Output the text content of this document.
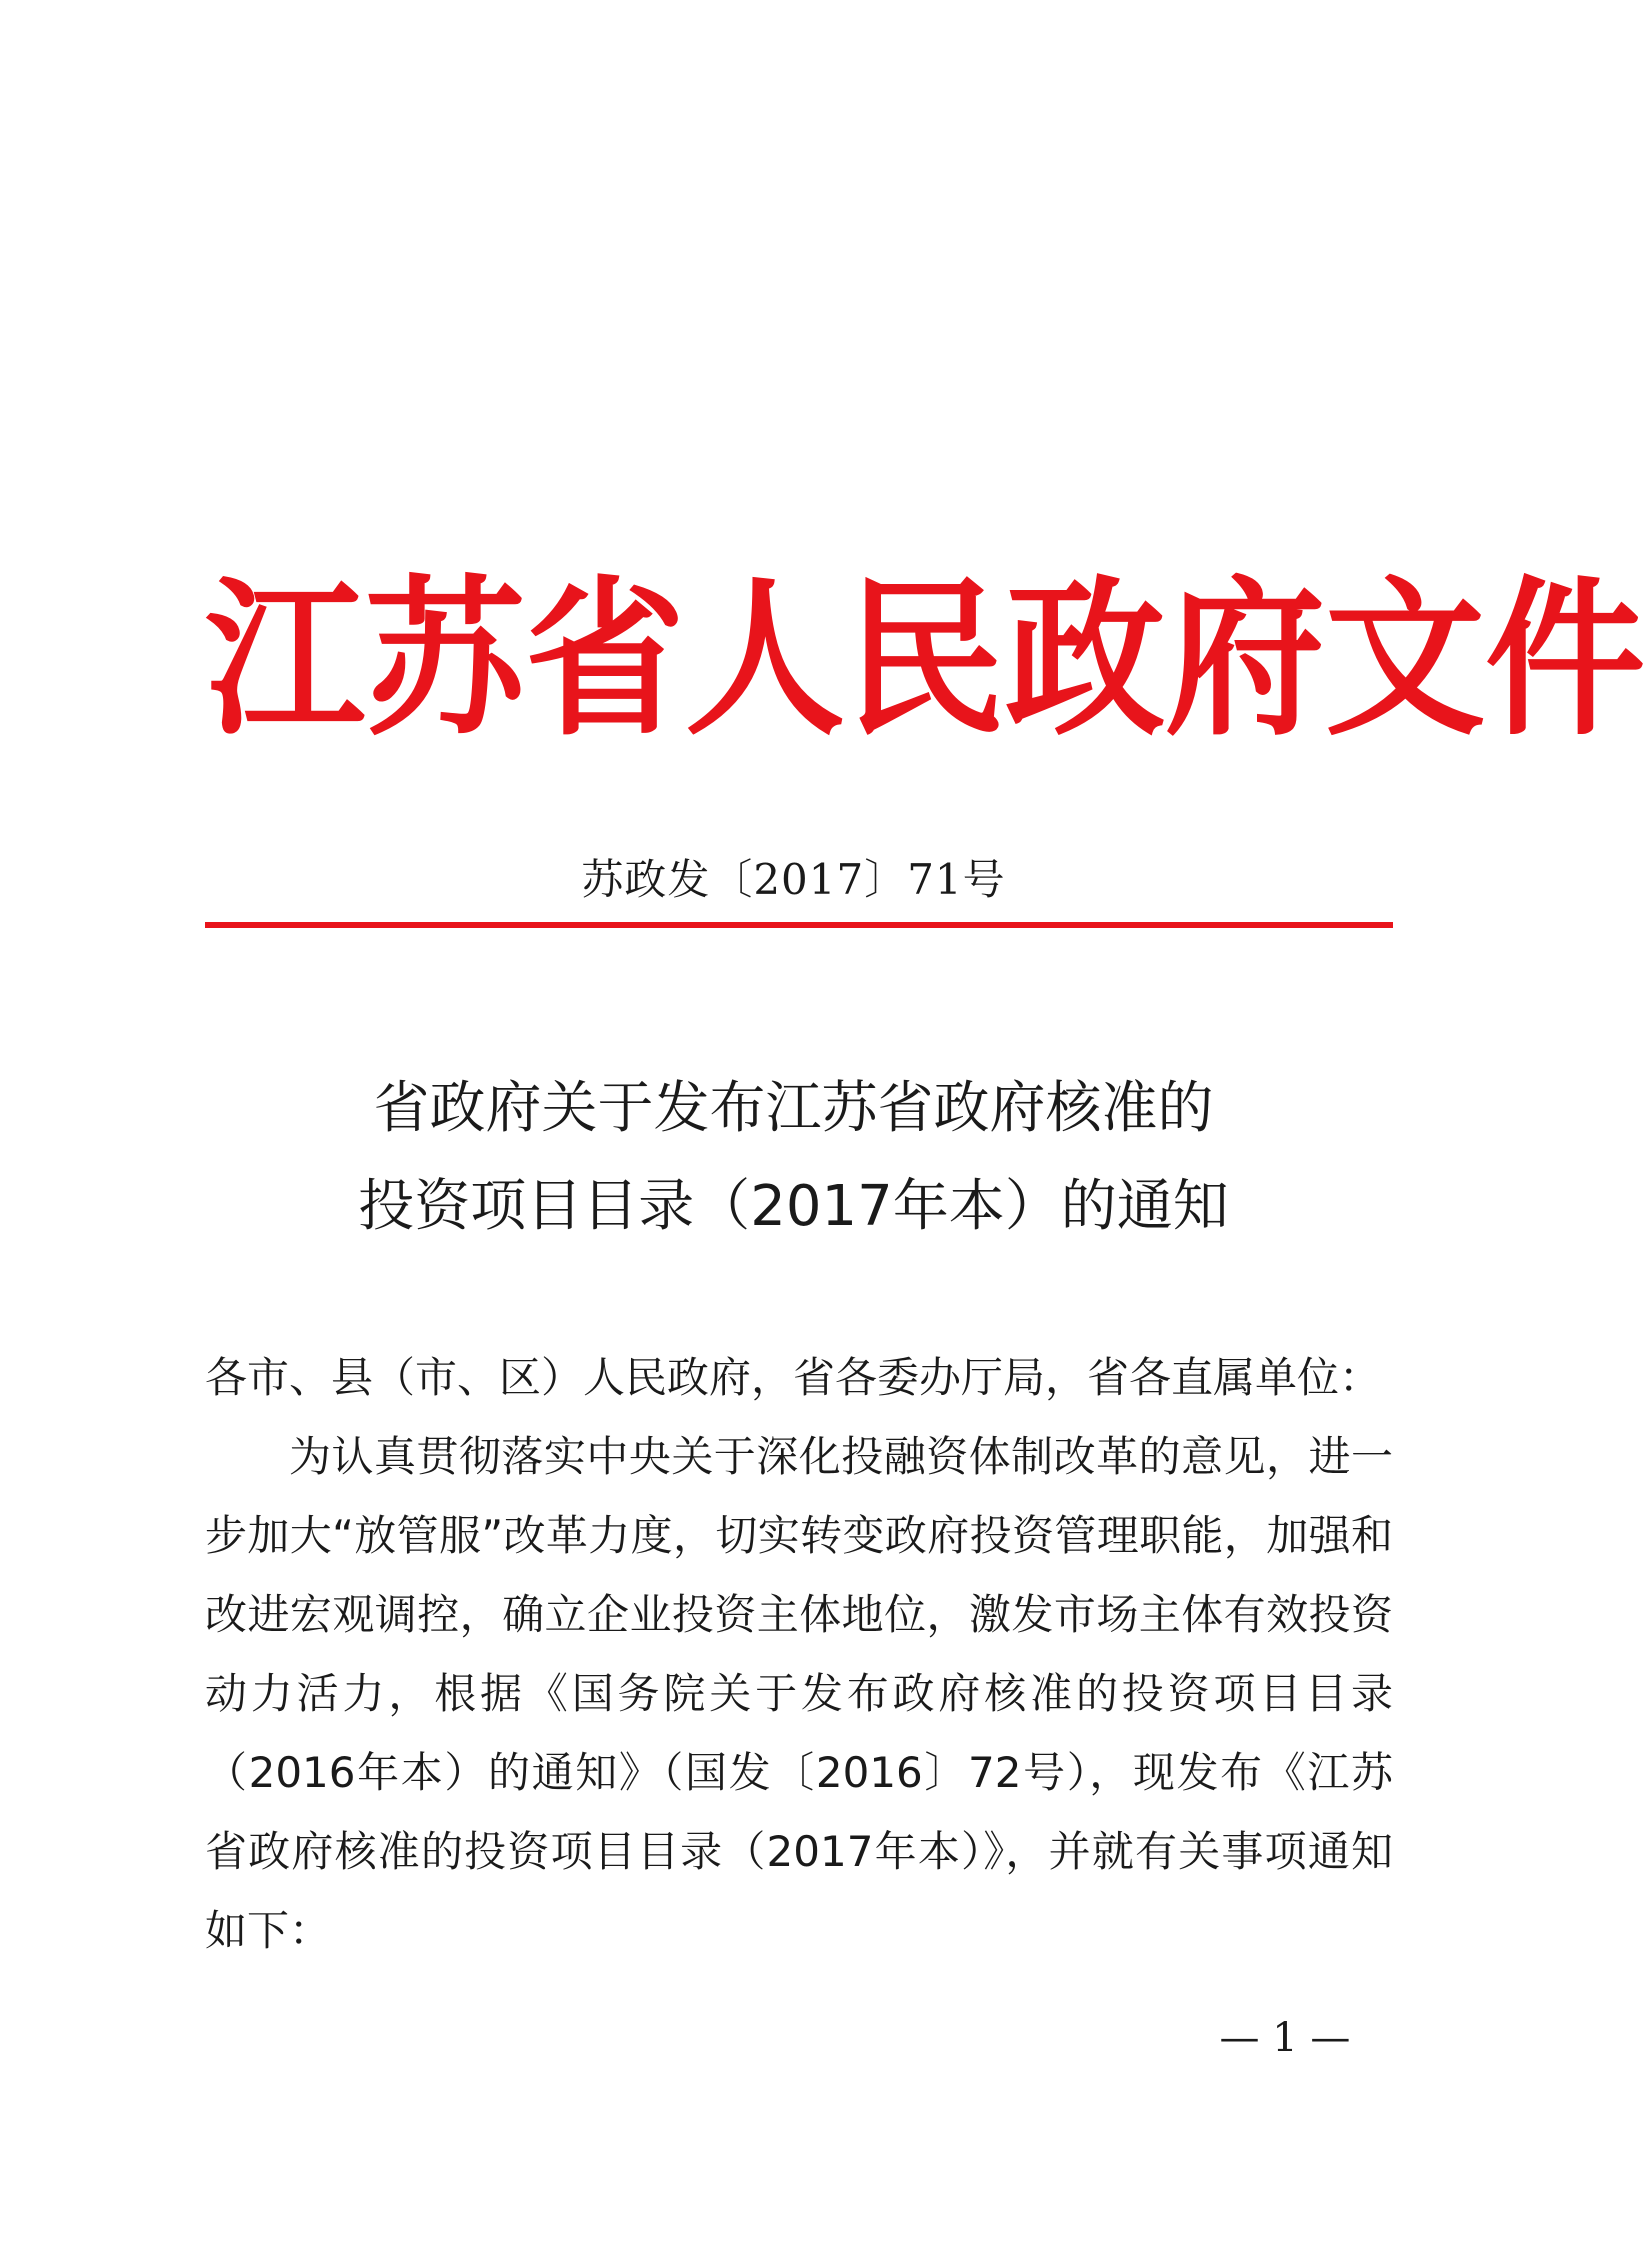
江 苏 省 人 民 政 府 文 件
苏政发〔2017〕71号
省政府关于发布江苏省政府核准的
投资项目目录（2017年本）的通知

各市、县（市、区）人民政府，省各委办厅局，省各直属单位：

为认真贯彻落实中央关于深化投融资体制改革的意见，进一步加大“放管服”改革力度，切实转变政府投资管理职能，加强和改进宏观调控，确立企业投资主体地位，激发市场主体有效投资动力活力，根据《国务院关于发布政府核准的投资项目目录（2016年本）的通知》（国发〔2016〕72号），现发布《江苏省政府核准的投资项目目录（2017年本）》，并就有关事项通知如下：

— 1 —
